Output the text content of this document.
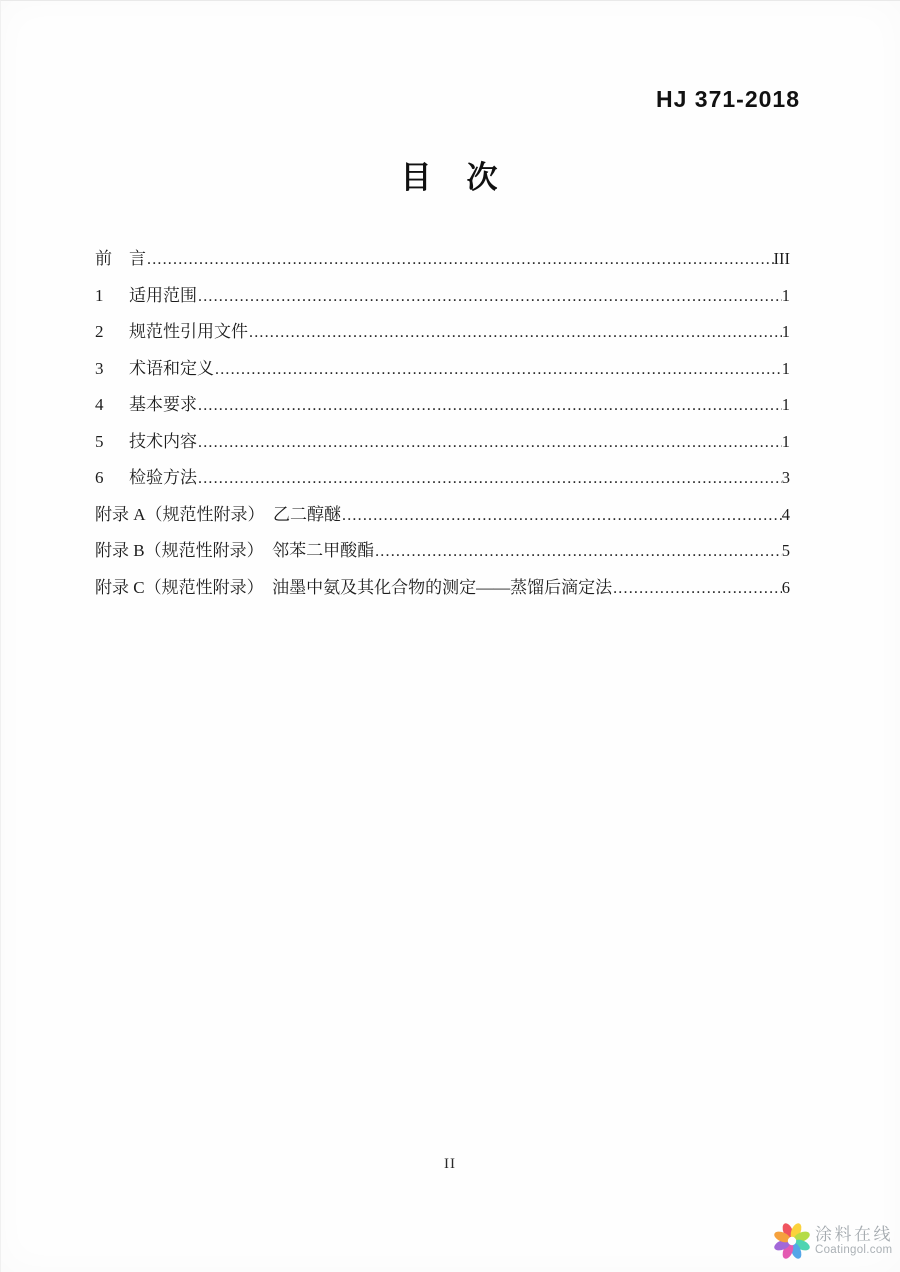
HJ 371-2018
目　次
前	言 .....	III
1	适用范围 .....	1
2	规范性引用文件 .....	1
3	术语和定义 .....	1
4	基本要求 .....	1
5	技术内容 .....	1
6	检验方法 .....	3
附录 A （规范性附录）　乙二醇醚 .....	4
附录 B （规范性附录）　邻苯二甲酸酯 .....	5
附录 C （规范性附录）　油墨中氨及其化合物的测定——蒸馏后滴定法 .....	6
II
涂料在线
Coatingol.com
